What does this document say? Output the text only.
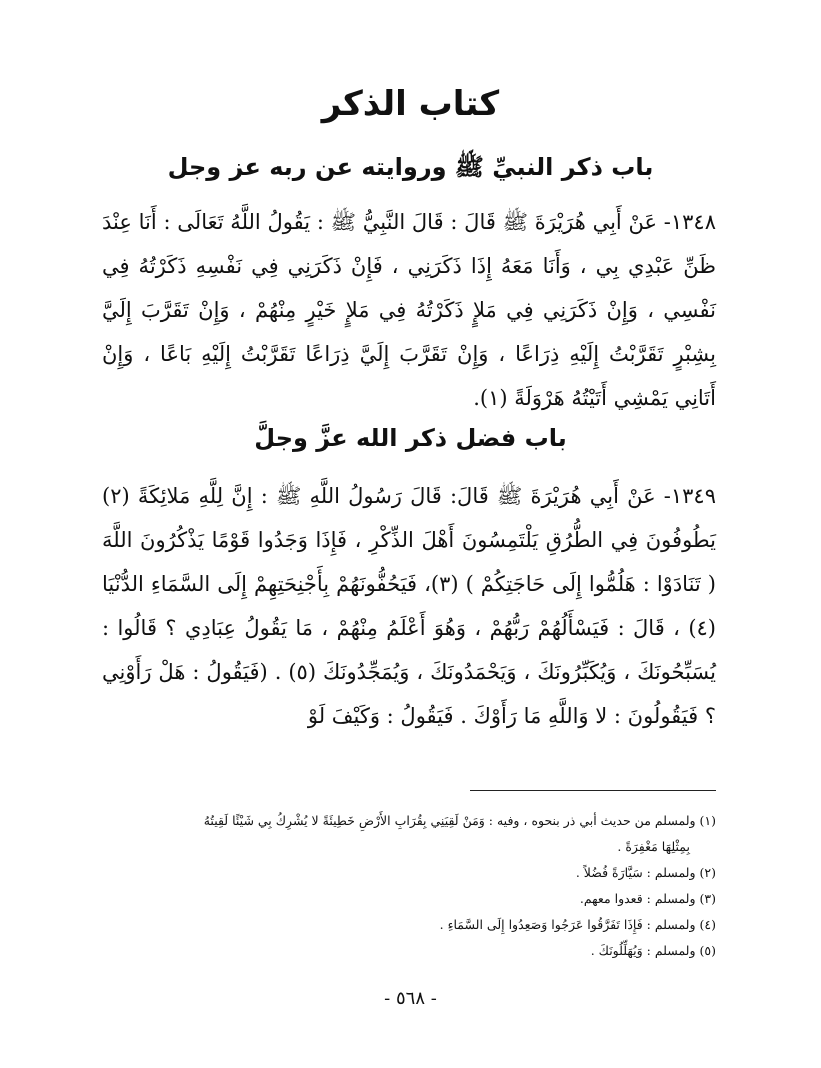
كتاب الذكر
باب ذكر النبيِّ ﷺ وروايته عن ربه عز وجل

١٣٤٨- عَنْ أَبِي هُرَيْرَةَ ﷺ قَالَ : قَالَ النَّبِيُّ ﷺ : يَقُولُ اللَّهُ تَعَالَى : أَنَا عِنْدَ ظَنِّ عَبْدِي بِي ، وَأَنَا مَعَهُ إِذَا ذَكَرَنِي ، فَإِنْ ذَكَرَنِي فِي نَفْسِهِ ذَكَرْتُهُ فِي نَفْسِي ، وَإِنْ ذَكَرَنِي فِي مَلإٍ ذَكَرْتُهُ فِي مَلإٍ خَيْرٍ مِنْهُمْ ، وَإِنْ تَقَرَّبَ إِلَيَّ بِشِبْرٍ تَقَرَّبْتُ إِلَيْهِ ذِرَاعًا ، وَإِنْ تَقَرَّبَ إِلَيَّ ذِرَاعًا تَقَرَّبْتُ إِلَيْهِ بَاعًا ، وَإِنْ أَتَانِي يَمْشِي أَتَيْتُهُ هَرْوَلَةً (١).

باب فضل ذكر الله عزَّ وجلَّ

١٣٤٩- عَنْ أَبِي هُرَيْرَةَ ﷺ قَالَ: قَالَ رَسُولُ اللَّهِ ﷺ : إِنَّ لِلَّهِ مَلائِكَةً (٢) يَطُوفُونَ فِي الطُّرُقِ يَلْتَمِسُونَ أَهْلَ الذِّكْرِ ، فَإِذَا وَجَدُوا قَوْمًا يَذْكُرُونَ اللَّهَ ( تَنَادَوْا : هَلُمُّوا إِلَى حَاجَتِكُمْ ) (٣)، فَيَحُفُّونَهُمْ بِأَجْنِحَتِهِمْ إِلَى السَّمَاءِ الدُّنْيَا (٤) ، قَالَ : فَيَسْأَلُهُمْ رَبُّهُمْ ، وَهُوَ أَعْلَمُ مِنْهُمْ ، مَا يَقُولُ عِبَادِي ؟ قَالُوا : يُسَبِّحُونَكَ ، وَيُكَبِّرُونَكَ ، وَيَحْمَدُونَكَ ، وَيُمَجِّدُونَكَ (٥) . (فَيَقُولُ : هَلْ رَأَوْنِي ؟ فَيَقُولُونَ : لا وَاللَّهِ مَا رَأَوْكَ . فَيَقُولُ : وَكَيْفَ لَوْ

(١) ولمسلم من حديث أبي ذر بنحوه ، وفيه : وَمَنْ لَقِيَنِي بِقُرَابِ الأَرْضِ خَطِيئَةً لا يُشْرِكُ بِي شَيْئًا لَقِيتُهُ

بِمِثْلِهَا مَغْفِرَةً .

(٢) ولمسلم : سَيَّارَةً فُضُلاً .

(٣) ولمسلم : قعدوا معهم.

(٤) ولمسلم : فَإِذَا تَفَرَّقُوا عَرَجُوا وَصَعِدُوا إِلَى السَّمَاءِ .

(٥) ولمسلم : وَيُهَلِّلُونَكَ .

- ٥٦٨ -
